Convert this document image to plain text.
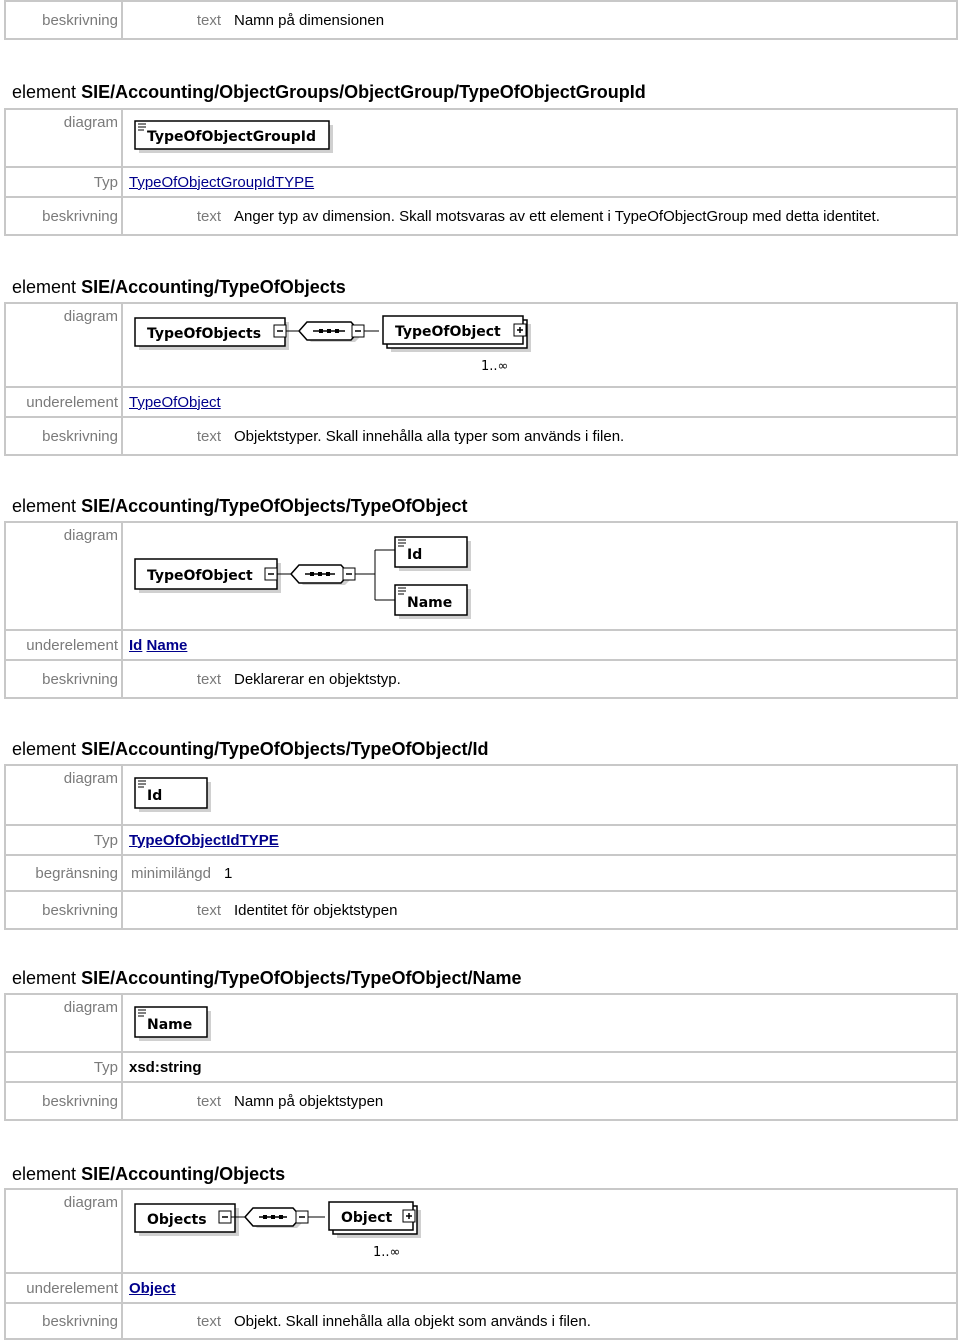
beskrivning	text Namn på dimensionen
element SIE/Accounting/ObjectGroups/ObjectGroup/TypeOfObjectGroupId
diagram	TypeOfObjectGroupId

Typ	TypeOfObjectGroupIdTYPE
beskrivning	text Anger typ av dimension. Skall motsvaras av ett element i TypeOfObjectGroup med detta identitet.
element SIE/Accounting/TypeOfObjects
diagram	TypeOfObjects TypeOfObject
1..∞

underelement	TypeOfObject
beskrivning	text Objektstyper. Skall innehålla alla typer som används i filen.
element SIE/Accounting/TypeOfObjects/TypeOfObject
diagram	TypeOfObject
Id
Name

underelement	Id Name
beskrivning	text Deklarerar en objektstyp.
element SIE/Accounting/TypeOfObjects/TypeOfObject/Id
diagram	Id

Typ	TypeOfObjectIdTYPE
begränsning	minimilängd 1

beskrivning	text Identitet för objektstypen
element SIE/Accounting/TypeOfObjects/TypeOfObject/Name
diagram	Name

Typ	xsd:string
beskrivning	text Namn på objektstypen
element SIE/Accounting/Objects
diagram	Objects Object
1..∞

underelement	Object
beskrivning	text Objekt. Skall innehålla alla objekt som används i filen.
